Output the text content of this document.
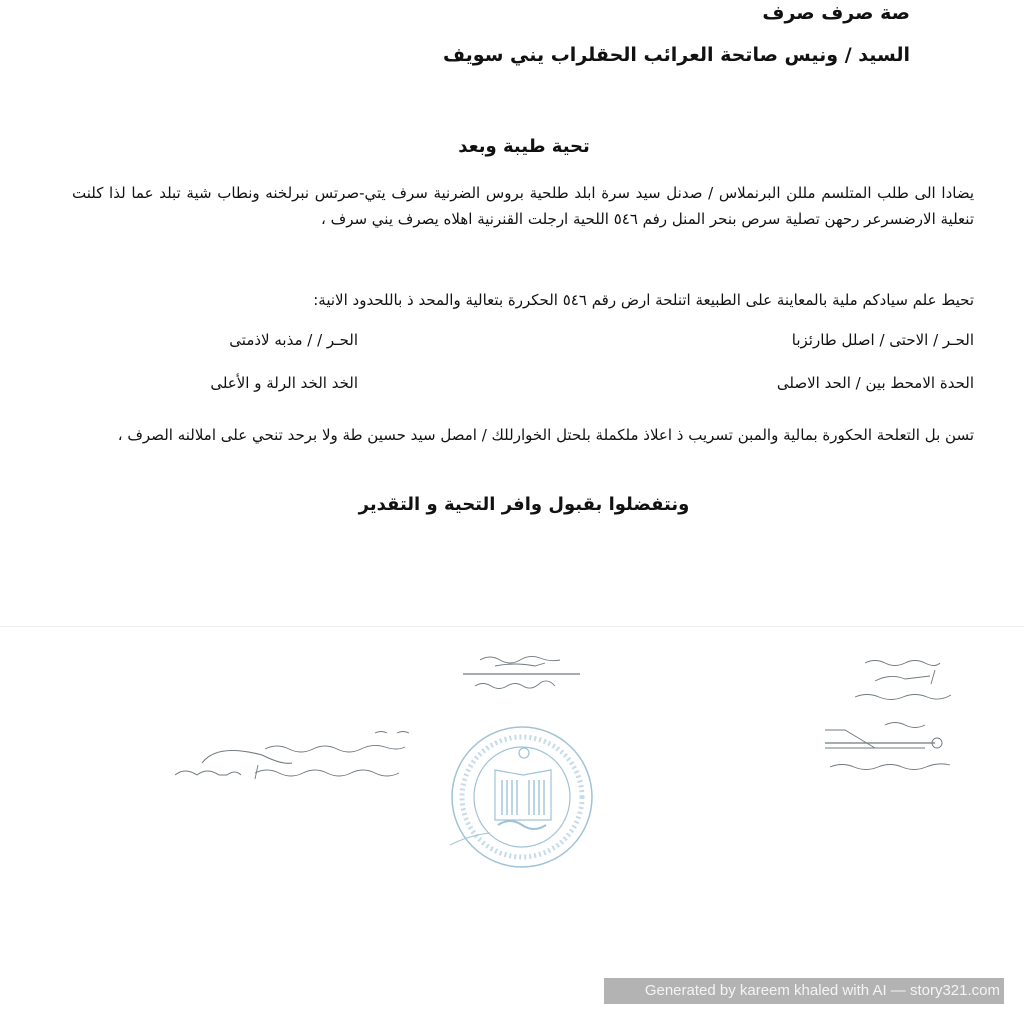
صة صرف صرف
السيد / ونيس صاتحة العرائب الحقلراب يني سويف
تحية طيبة وبعد
يضادا الى طلب المتلسم مللن البرنملاس / صدنل سيد سرة ابلد طلحية بروس الضرنية سرف يتي-صرتس نبرلخنه ونطاب شية تبلد عما لذا كلنت تنعلية الارضسرعر رحهن تصلية سرص بنحر المنل رفم ٥٤٦ اللحية ارجلت القنرنية اهلاه يصرف يني سرف ،
تحيط علم سيادكم ملية بالمعاينة على الطبيعة اتنلحة ارض رقم ٥٤٦ الحكررة بتعالية والمحد ذ باللحدود الانية:
الحـر / الاحتى / اصلل طارئزبا
الحـر / / مذبه لاذمتى
الحدة الامحط بين / الحد الاصلى
الخد الخد الرلة و الأعلى
تسن بل التعلحة الحكورة بمالية والمبن تسريب ذ اعلاذ ملكملة بلحتل الخوارللك / امصل سيد حسين طة ولا برحد تنحي على املالنه الصرف ،
ونتفضلوا بقبول وافر التحية و التقدير
Generated by kareem khaled with AI — story321.com
